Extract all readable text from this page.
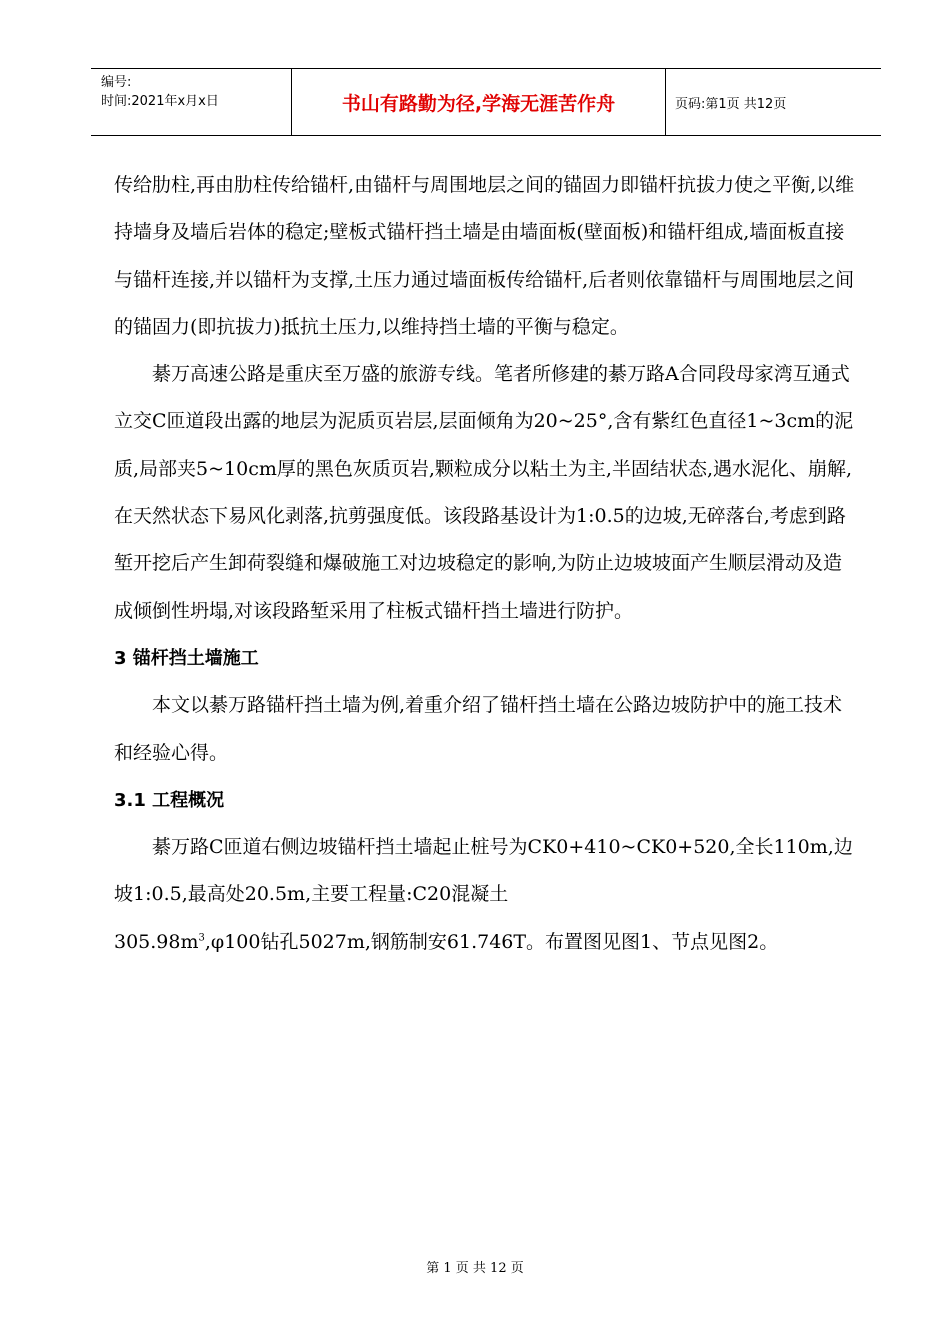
编号:
时间:2021年x月x日	书山有路勤为径,学海无涯苦作舟	页码:第1页 共12页

传给肋柱,再由肋柱传给锚杆,由锚杆与周围地层之间的锚固力即锚杆抗拔力使之平衡,以维持墙身及墙后岩体的稳定;壁板式锚杆挡土墙是由墙面板(壁面板)和锚杆组成,墙面板直接与锚杆连接,并以锚杆为支撑,土压力通过墙面板传给锚杆,后者则依靠锚杆与周围地层之间的锚固力(即抗拔力)抵抗土压力,以维持挡土墙的平衡与稳定。

綦万高速公路是重庆至万盛的旅游专线。笔者所修建的綦万路A合同段母家湾互通式立交C匝道段出露的地层为泥质页岩层,层面倾角为20~25°,含有紫红色直径1~3cm的泥质,局部夹5~10cm厚的黑色灰质页岩,颗粒成分以粘土为主,半固结状态,遇水泥化、崩解,在天然状态下易风化剥落,抗剪强度低。该段路基设计为1:0.5的边坡,无碎落台,考虑到路堑开挖后产生卸荷裂缝和爆破施工对边坡稳定的影响,为防止边坡坡面产生顺层滑动及造成倾倒性坍塌,对该段路堑采用了柱板式锚杆挡土墙进行防护。

3 锚杆挡土墙施工

本文以綦万路锚杆挡土墙为例,着重介绍了锚杆挡土墙在公路边坡防护中的施工技术和经验心得。

3.1 工程概况

綦万路C匝道右侧边坡锚杆挡土墙起止桩号为CK0+410~CK0+520,全长110m,边坡1:0.5,最高处20.5m,主要工程量:C20混凝土
$305.98m^3,\varphi 100$钻孔5027m,钢筋制安61.746T。布置图见图1、节点见图2。

第 1 页 共 12 页
